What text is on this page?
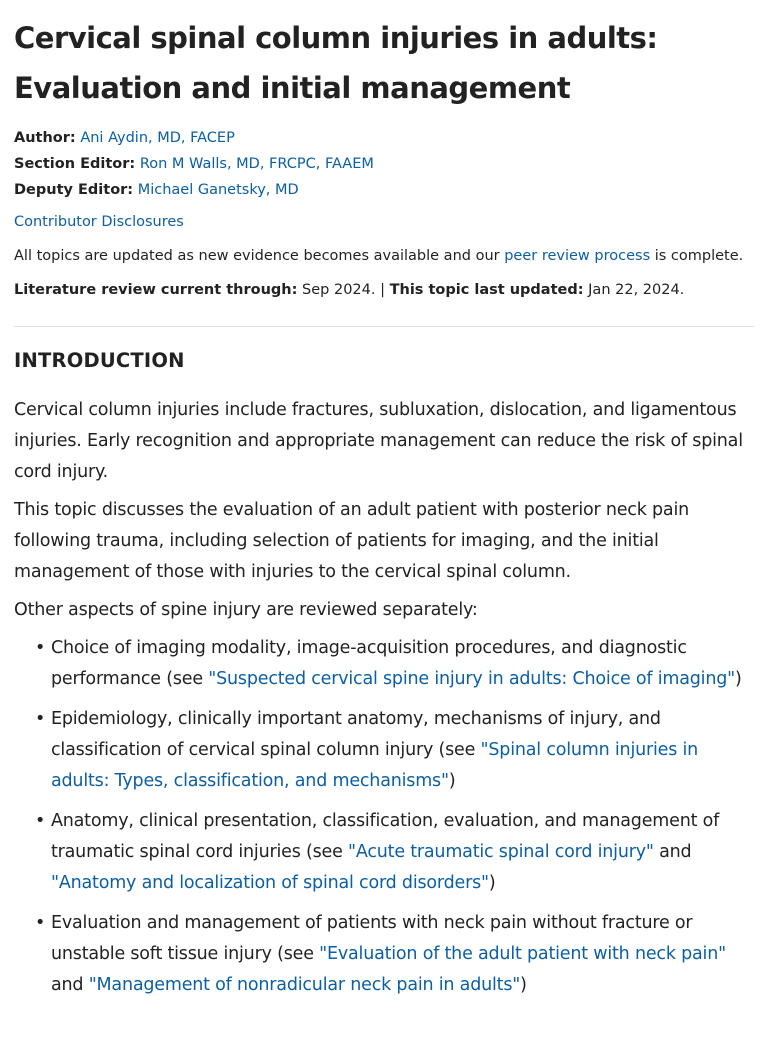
Cervical spinal column injuries in adults: Evaluation and initial management
Author: Ani Aydin, MD, FACEP
Section Editor: Ron M Walls, MD, FRCPC, FAAEM
Deputy Editor: Michael Ganetsky, MD
Contributor Disclosures
All topics are updated as new evidence becomes available and our peer review process is complete.
Literature review current through: Sep 2024. | This topic last updated: Jan 22, 2024.
INTRODUCTION

Cervical column injuries include fractures, subluxation, dislocation, and ligamentous injuries. Early recognition and appropriate management can reduce the risk of spinal cord injury.

This topic discusses the evaluation of an adult patient with posterior neck pain following trauma, including selection of patients for imaging, and the initial management of those with injuries to the cervical spinal column.

Other aspects of spine injury are reviewed separately:

• Choice of imaging modality, image-acquisition procedures, and diagnostic performance (see "Suspected cervical spine injury in adults: Choice of imaging")
• Epidemiology, clinically important anatomy, mechanisms of injury, and classification of cervical spinal column injury (see "Spinal column injuries in adults: Types, classification, and mechanisms")
• Anatomy, clinical presentation, classification, evaluation, and management of traumatic spinal cord injuries (see "Acute traumatic spinal cord injury" and "Anatomy and localization of spinal cord disorders")
• Evaluation and management of patients with neck pain without fracture or unstable soft tissue injury (see "Evaluation of the adult patient with neck pain" and "Management of nonradicular neck pain in adults")
